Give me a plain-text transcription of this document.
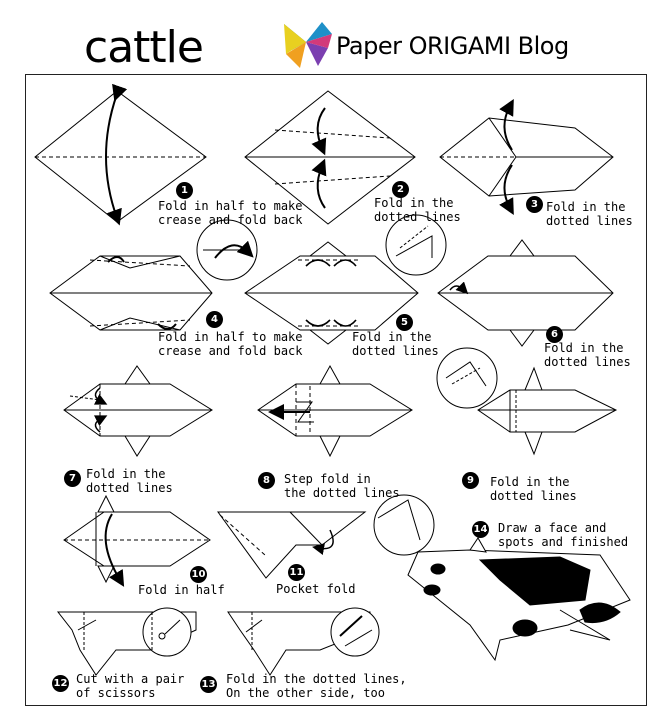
cattle	Paper ORIGAMI Blog
1
Fold in half to make
crease and fold back
2
Fold in the
dotted lines
3 Fold in the
dotted lines
4
Fold in half to make
crease and fold back
5
Fold in the
dotted lines
6
Fold in the
dotted lines
7 Fold in the
dotted lines
8	Step fold in
the dotted lines
9	Fold in the
dotted lines
10
Fold in half
11
Pocket fold
12 Cut with a pair
of scissors
13 Fold in the dotted lines,
On the other side, too
14 Draw a face and
spots and finished
